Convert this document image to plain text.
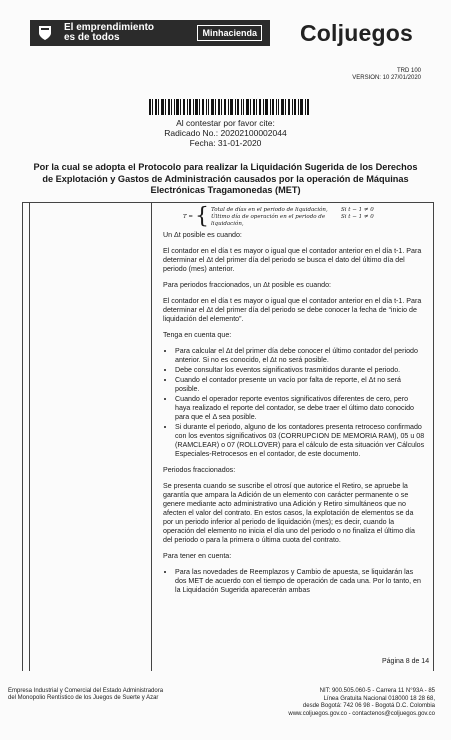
El emprendimiento
es de todos	Minhacienda Coljuegos
TRD 100
VERSION: 10 27/01/2020
Al contestar por favor cite:
Radicado No.: 20202100002044
Fecha: 31-01-2020
Por la cual se adopta el Protocolo para realizar la Liquidación Sugerida de los Derechos de Explotación y Gastos de Administración causados por la operación de Máquinas Electrónicas Tragamonedas (MET)
T = { Total de días en el periodo de liquidación,	Si t − 1 ≠ 0
Último día de operación en el periodo de liquidación,
Si t − 1 ≠ 0

Un Δt posible es cuando:

El contador en el día t es mayor o igual que el contador anterior en el día t-1. Para determinar el Δt del primer día del periodo se busca el dato del último día del periodo (mes) anterior.

Para periodos fraccionados, un Δt posible es cuando:

El contador en el día t es mayor o igual que el contador anterior en el día t-1. Para determinar el Δt del primer día del periodo se debe conocer la fecha de “inicio de liquidación del elemento”.

Tenga en cuenta que:

• Para calcular el Δt del primer día debe conocer el último contador del periodo anterior. Si no es conocido, el Δt no será posible.
• Debe consultar los eventos significativos trasmitidos durante el periodo.
• Cuando el contador presente un vacío por falta de reporte, el Δt no será posible.
• Cuando el operador reporte eventos significativos diferentes de cero, pero haya realizado el reporte del contador, se debe traer el último dato conocido para que el Δ sea posible.
• Si durante el periodo, alguno de los contadores presenta retroceso confirmado con los eventos significativos 03 (CORRUPCION DE MEMORIA RAM), 05 u 08 (RAMCLEAR) o 07 (ROLLOVER) para el cálculo de esta situación ver Cálculos Especiales-Retrocesos en el contador, de este documento.

Periodos fraccionados:

Se presenta cuando se suscribe el otrosí que autorice el Retiro, se apruebe la garantía que ampara la Adición de un elemento con carácter permanente o se genere mediante acto administrativo una Adición y Retiro simultáneos que no afecten el valor del contrato. En estos casos, la explotación de elementos se da por un periodo inferior al periodo de liquidación (mes); es decir, cuando la operación del elemento no inicia el día uno del periodo o no finaliza el último día del periodo o para la primera o última cuota del contrato.

Para tener en cuenta:

• Para las novedades de Reemplazos y Cambio de apuesta, se liquidarán las dos MET de acuerdo con el tiempo de operación de cada una. Por lo tanto, en la Liquidación Sugerida aparecerán ambas
Página 8 de 14
Empresa Industrial y Comercial del Estado Administradora
del Monopolio Rentístico de los Juegos de Suerte y Azar
NIT: 900.505.060-5 - Carrera 11 N°93A - 85
Línea Gratuita Nacional 018000 18 28 68,
desde Bogotá: 742 06 98 - Bogotá D.C. Colombia
www.coljuegos.gov.co - contactenos@coljuegos.gov.co
